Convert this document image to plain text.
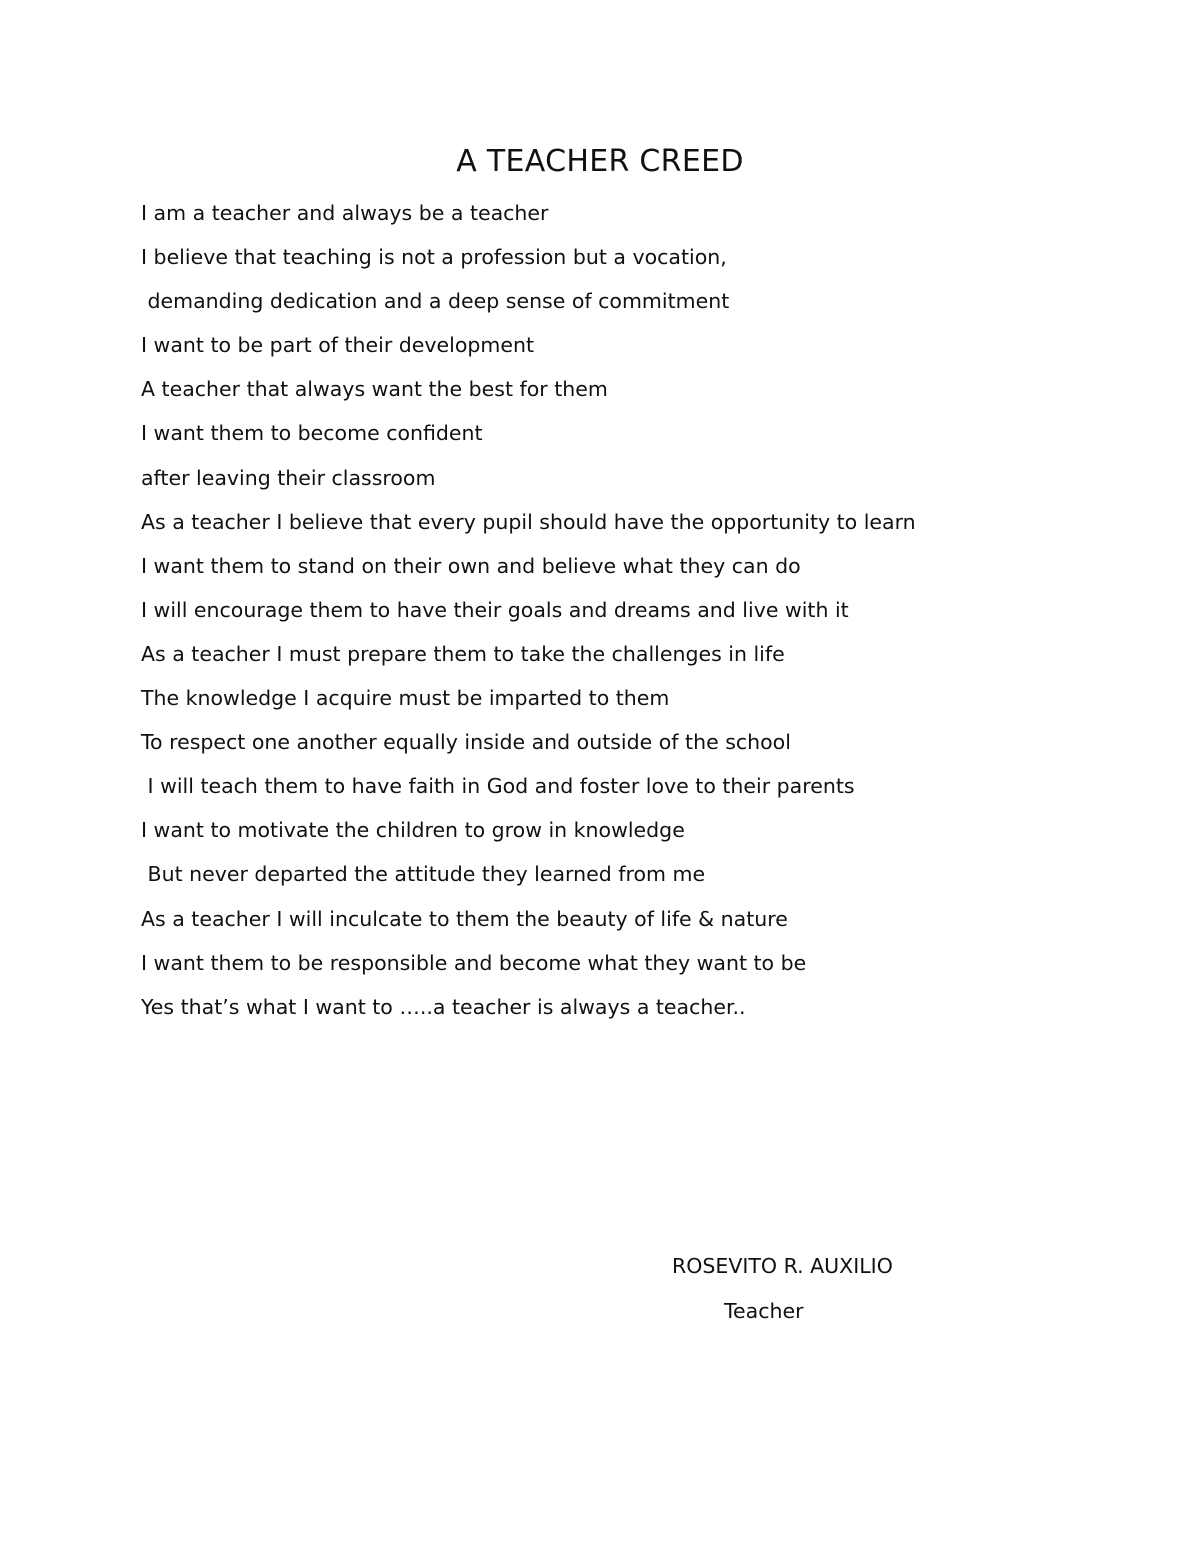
A TEACHER CREED
I am a teacher and always be a teacher
I believe that teaching is not a profession but a vocation,
demanding dedication and a deep sense of commitment
I want to be part of their development
A teacher that always want the best for them
I want them to become confident
after leaving their classroom
As a teacher I believe that every pupil should have the opportunity to learn
I want them to stand on their own and believe what they can do
I will encourage them to have their goals and dreams and live with it
As a teacher I must prepare them to take the challenges in life
The knowledge I acquire must be imparted to them
To respect one another equally inside and outside of the school
I will teach them to have faith in God and foster love to their parents
I want to motivate the children to grow in knowledge
But never departed the attitude they learned from me
As a teacher I will inculcate to them the beauty of life & nature
I want them to be responsible and become what they want to be
Yes that’s what I want to …..a teacher is always a teacher..
ROSEVITO R. AUXILIO
Teacher
